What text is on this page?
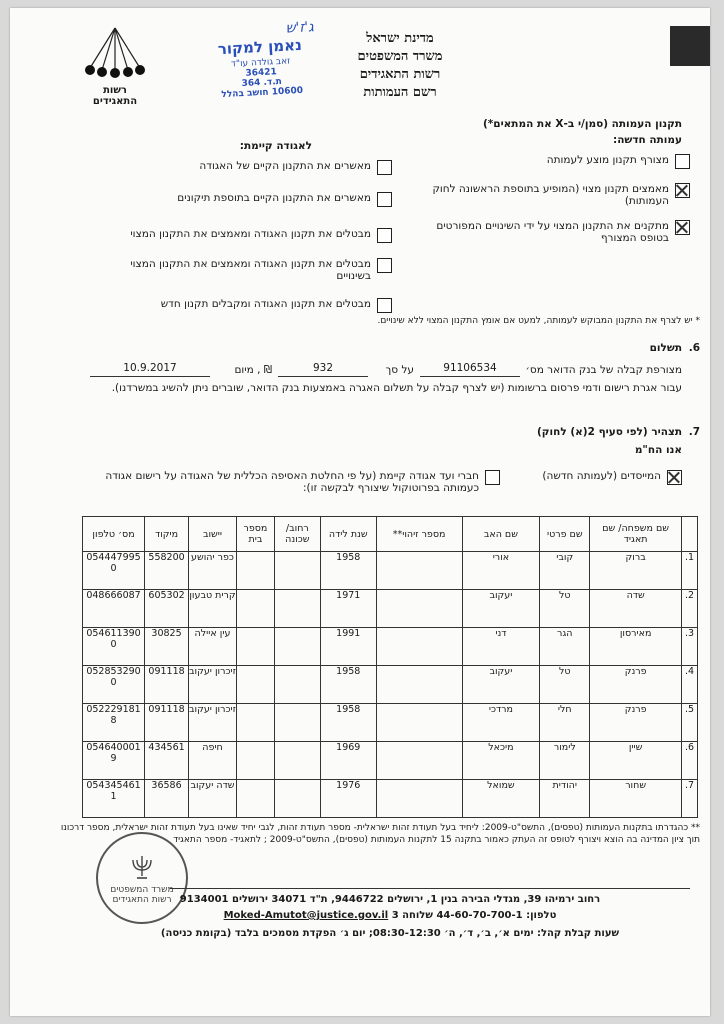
מדינת ישראל
משרד המשפטים
רשות התאגידים
רשם העמותות
רשות
התאגידים
ג'ז'ש
נאמן למקור
זאב גולדה עו"ד
36421
ת.ד. 364
10600 חושב בהלל
תקנון העמותה (סמן/י ב-X את המתאים*)
עמותה חדשה:
לאגודה קיימת:
מצורף תקנון מוצע לעמותה
מאמצים תקנון מצוי (המופיע בתוספת הראשונה לחוק העמותות)
מתקנים את התקנון המצוי על ידי השינויים המפורטים בטופס המצורף
מאשרים את התקנון הקיים של האגודה
מאשרים את התקנון הקיים בתוספת תיקונים
מבטלים את תקנון האגודה ומאמצים את התקנון המצוי
מבטלים את תקנון האגודה ומאמצים את התקנון המצוי בשינויים
מבטלים את תקנון האגודה ומקבלים תקנון חדש
* יש לצרף את התקנון המבוקש לעמותה, למעט אם אומץ התקנון המצוי ללא שינויים.
6.
תשלום
מצורפת קבלה של בנק הדואר מס׳
91106534
על סך
932
₪ , מיום
10.9.2017
עבור אגרת רישום ודמי פרסום ברשומות (יש לצרף קבלה על תשלום האגרה באמצעות בנק הדואר, שוברים ניתן להשיג במשרדנו).
7.
תצהיר (לפי סעיף 2(א) לחוק)
אנו הח"מ
המייסדים (לעמותה חדשה)
חברי ועד אגודה קיימת (על פי החלטת האסיפה הכללית של האגודה על רישום אגודה כעמותה בפרוטוקול שיצורף לבקשה זו):
	שם משפחה/ שם תאגיד	שם פרטי	שם האב	מספר זיהוי**	שנת לידה	רחוב/ שכונה	מספר בית	יישוב	מיקוד	מס׳ טלפון
1.	ברוק	קובי	אורי		1958			כפר יהושע	558200	054447995 0
2.	שדה	טל	יעקוב		1971			קרית טבעון	605302	048666087
3.	מאירסון	הגר	דני		1991			עין איילה	30825	054611390 0
4.	פרנק	טל	יעקוב		1958			זיכרון יעקוב	091118	052853290 0
5.	פרנק	חלי	מרדכי		1958			זיכרון יעקוב	091118	052229181 8
6.	שיין	לימור	מיכאל		1969			חיפה	434561	054640001 9
7.	שחור	יהודית	שמואל		1976			שדה יעקוב	36586	054345461 1
** כהגדרתו בתקנות העמותות (טפסים), התשס"ט-2009: ליחיד בעל תעודת זהות ישראלית- מספר תעודת זהות, לגבי יחיד שאינו בעל תעודת זהות ישראלית, מספר דרכונו תוך ציון המדינה בה הוצא ויצורף לטופס זה העתק כאמור בתקנה 15 לתקנות העמותות (טפסים), התשס"ט-2009 ; לתאגיד- מספר התאגיד
משרד המשפטים
רשות התאגידים רחוב ירמיהו 39, מגדלי הבירה בנין 1, ירושלים 9446722, ת"ד 34071 ירושלים 9134001
טלפון: 44-60-70-700-1 שלוחה 3 Moked-Amutot@justice.gov.il
שעות קבלת קהל: ימים א׳, ב׳, ד׳, ה׳ 08:30-12:30; יום ג׳ הפקדת מסמכים בלבד (בקומת כניסה)
